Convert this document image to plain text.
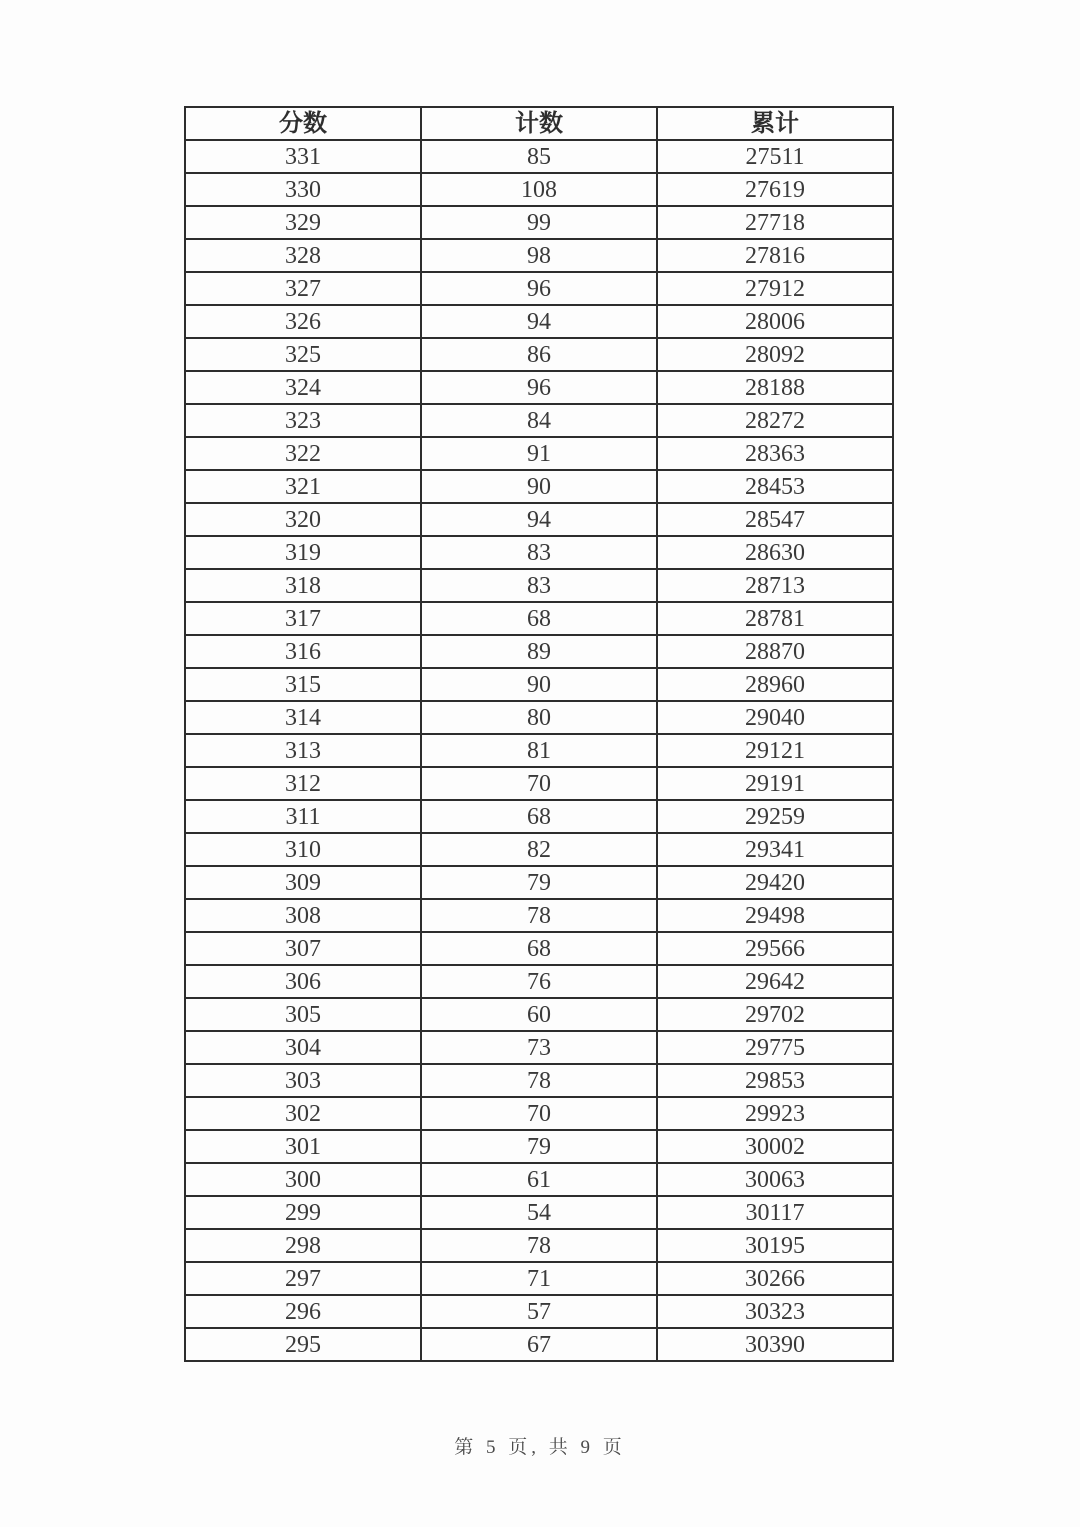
分数	计数	累计
331	85	27511
330	108	27619
329	99	27718
328	98	27816
327	96	27912
326	94	28006
325	86	28092
324	96	28188
323	84	28272
322	91	28363
321	90	28453
320	94	28547
319	83	28630
318	83	28713
317	68	28781
316	89	28870
315	90	28960
314	80	29040
313	81	29121
312	70	29191
311	68	29259
310	82	29341
309	79	29420
308	78	29498
307	68	29566
306	76	29642
305	60	29702
304	73	29775
303	78	29853
302	70	29923
301	79	30002
300	61	30063
299	54	30117
298	78	30195
297	71	30266
296	57	30323
295	67	30390
第 5 页, 共 9 页
